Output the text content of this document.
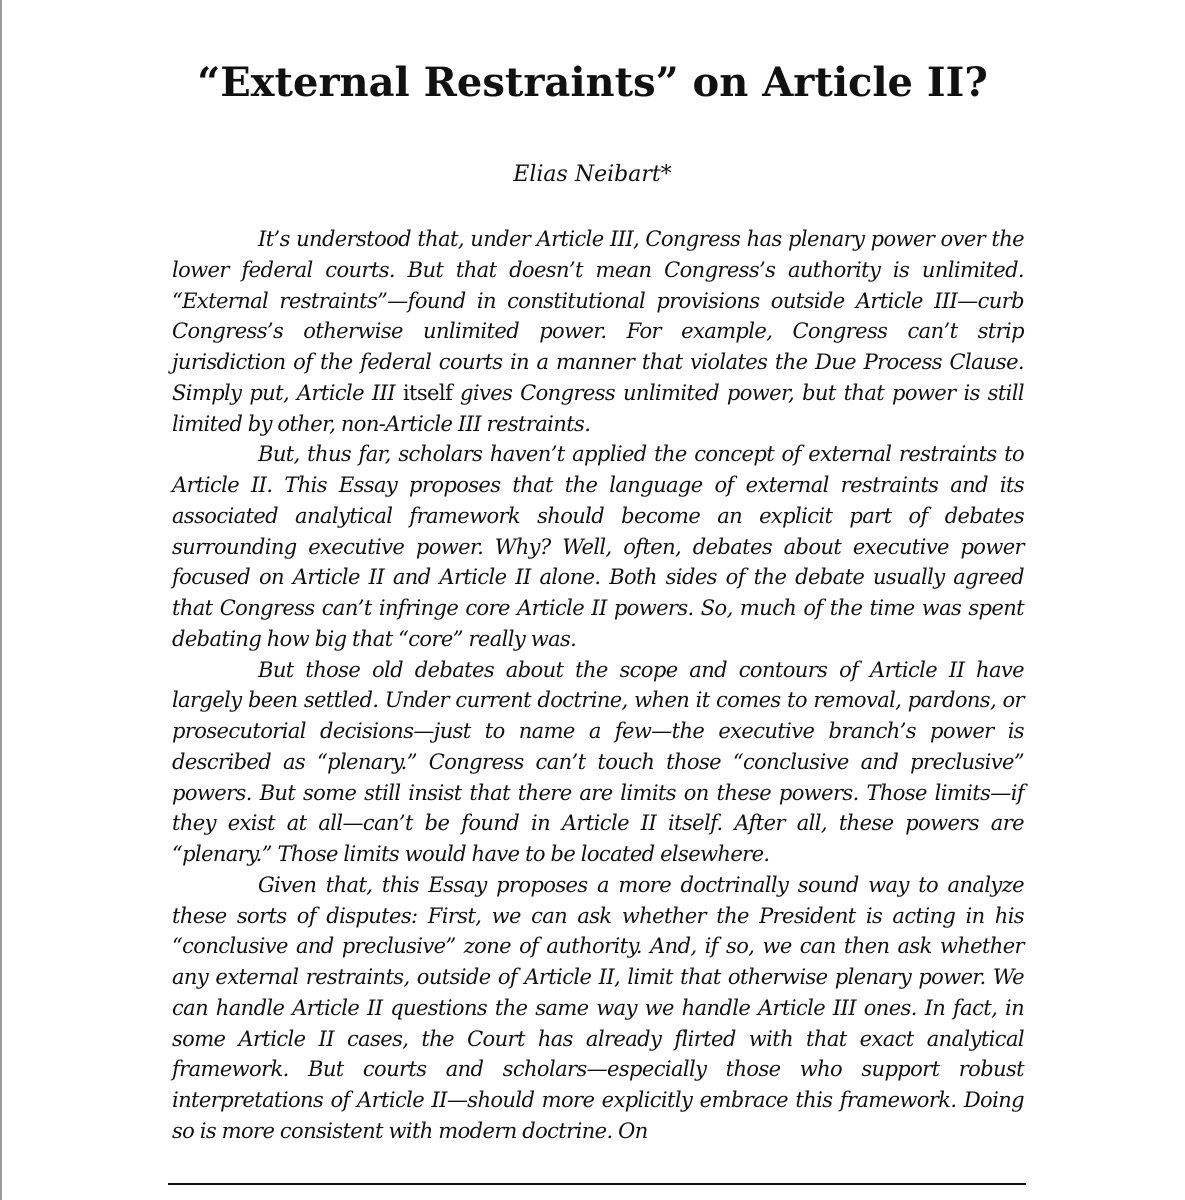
“External Restraints” on Article II?
Elias Neibart*

It’s understood that, under Article III, Congress has plenary power over the lower federal courts. But that doesn’t mean Congress’s authority is unlimited. “External restraints”—found in constitutional provisions outside Article III—curb Congress’s otherwise unlimited power. For example, Congress can’t strip jurisdiction of the federal courts in a manner that violates the Due Process Clause. Simply put, Article III itself gives Congress unlimited power, but that power is still limited by other, non-Article III restraints.

But, thus far, scholars haven’t applied the concept of external restraints to Article II. This Essay proposes that the language of external restraints and its associated analytical framework should become an explicit part of debates surrounding executive power. Why? Well, often, debates about executive power focused on Article II and Article II alone. Both sides of the debate usually agreed that Congress can’t infringe core Article II powers. So, much of the time was spent debating how big that “core” really was.

But those old debates about the scope and contours of Article II have largely been settled. Under current doctrine, when it comes to removal, pardons, or prosecutorial decisions—just to name a few—the executive branch’s power is described as “plenary.” Congress can’t touch those “conclusive and preclusive” powers. But some still insist that there are limits on these powers. Those limits—if they exist at all—can’t be found in Article II itself. After all, these powers are “plenary.” Those limits would have to be located elsewhere.

Given that, this Essay proposes a more doctrinally sound way to analyze these sorts of disputes: First, we can ask whether the President is acting in his “conclusive and preclusive” zone of authority. And, if so, we can then ask whether any external restraints, outside of Article II, limit that otherwise plenary power. We can handle Article II questions the same way we handle Article III ones. In fact, in some Article II cases, the Court has already flirted with that exact analytical framework. But courts and scholars—especially those who support robust interpretations of Article II—should more explicitly embrace this framework. Doing so is more consistent with modern doctrine. On
